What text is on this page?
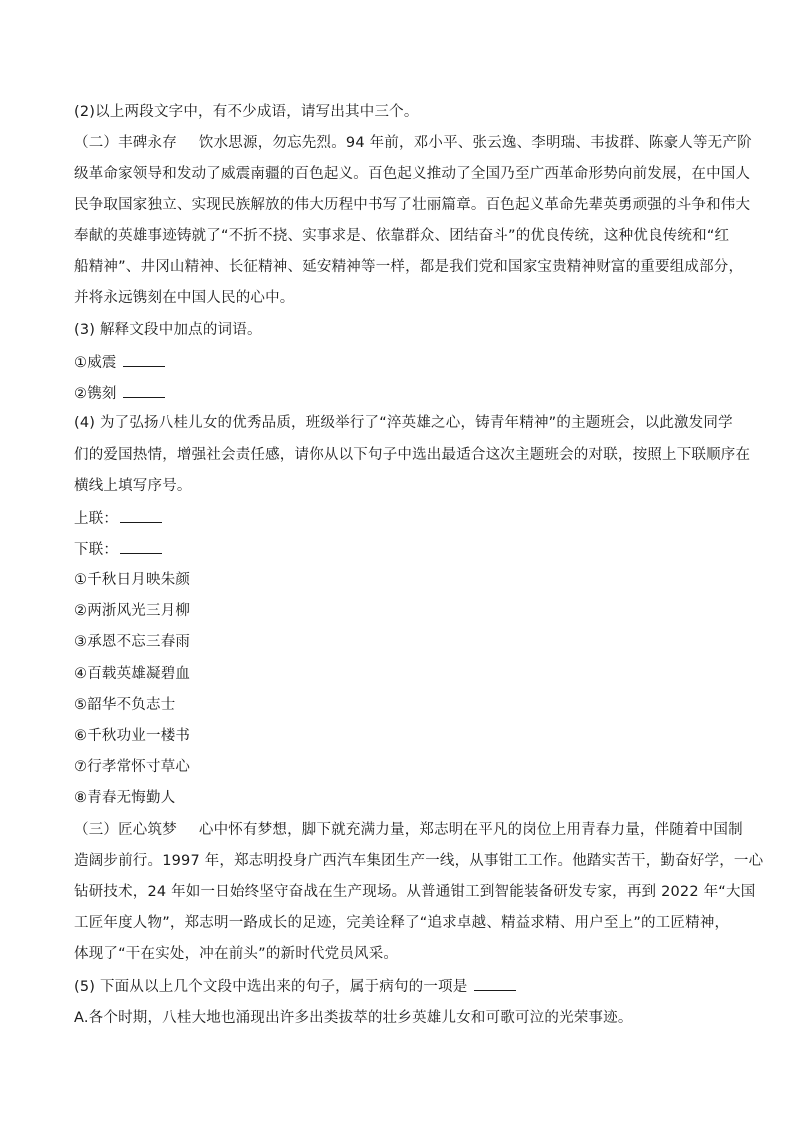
(2)以上两段文字中，有不少成语，请写出其中三个。
（二）丰碑永存 饮水思源，勿忘先烈。94 年前，邓小平、张云逸、李明瑞、韦拔群、陈豪人等无产阶
级革命家领导和发动了威震南疆的百色起义。百色起义推动了全国乃至广西革命形势向前发展，在中国人
民争取国家独立、实现民族解放的伟大历程中书写了壮丽篇章。百色起义革命先辈英勇顽强的斗争和伟大
奉献的英雄事迹铸就了“不折不挠、实事求是、依靠群众、团结奋斗”的优良传统，这种优良传统和“红
船精神”、井冈山精神、长征精神、延安精神等一样，都是我们党和国家宝贵精神财富的重要组成部分，
并将永远镌刻在中国人民的心中。
(3) 解释文段中加点的词语。
①威震
②镌刻
(4) 为了弘扬八桂儿女的优秀品质，班级举行了“淬英雄之心，铸青年精神”的主题班会，以此激发同学
们的爱国热情，增强社会责任感，请你从以下句子中选出最适合这次主题班会的对联，按照上下联顺序在
横线上填写序号。
上联：
下联：
①千秋日月映朱颜
②两浙风光三月柳
③承恩不忘三春雨
④百载英雄凝碧血
⑤韶华不负志士
⑥千秋功业一楼书
⑦行孝常怀寸草心
⑧青春无悔勤人
（三）匠心筑梦 心中怀有梦想，脚下就充满力量，郑志明在平凡的岗位上用青春力量，伴随着中国制
造阔步前行。1997 年，郑志明投身广西汽车集团生产一线，从事钳工工作。他踏实苦干，勤奋好学，一心
钻研技术，24 年如一日始终坚守奋战在生产现场。从普通钳工到智能装备研发专家，再到 2022 年“大国
工匠年度人物”，郑志明一路成长的足迹，完美诠释了“追求卓越、精益求精、用户至上”的工匠精神，
体现了“干在实处，冲在前头”的新时代党员风采。
(5) 下面从以上几个文段中选出来的句子，属于病句的一项是
A.各个时期，八桂大地也涌现出许多出类拔萃的壮乡英雄儿女和可歌可泣的光荣事迹。
